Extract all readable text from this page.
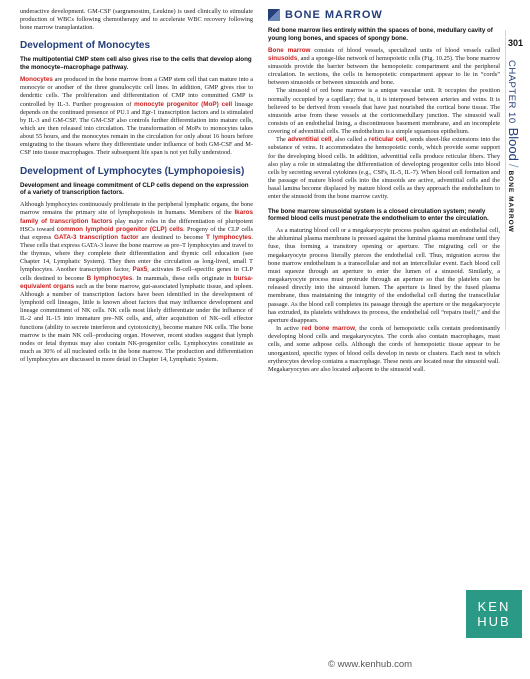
301
CHAPTER 10
Blood
/
BONE MARROW

underactive development. GM-CSF (sargramostim, Leukine) is used clinically to stimulate production of WBCs following chemotherapy and to accelerate WBC recovery following bone marrow transplantation.

Development of Monocytes

The multipotential CMP stem cell also gives rise to the cells that develop along the monocyte–macrophage pathway.

Monocytes are produced in the bone marrow from a GMP stem cell that can mature into a monocyte or another of the three granulocytic cell lines. In addition, GMP gives rise to dendritic cells. The proliferation and differentiation of CMP into committed GMP is controlled by IL-3. Further progression of monocyte progenitor (MoP) cell lineage depends on the continued presence of PU.1 and Egr-1 transcription factors and is stimulated by IL-3 and GM-CSF. The GM-CSF also controls further differentiation into mature cells, which are then released into circulation. The transformation of MoPs to monocytes takes about 55 hours, and the monocytes remain in the circulation for only about 16 hours before emigrating to the tissues where they differentiate under influence of both GM-CSF and M-CSF into tissue macrophages. Their subsequent life span is not yet fully understood.

Development of Lymphocytes (Lymphopoiesis)

Development and lineage commitment of CLP cells depend on the expression of a variety of transcription factors.

Although lymphocytes continuously proliferate in the peripheral lymphatic organs, the bone marrow remains the primary site of lymphopoiesis in humans. Members of the Ikaros family of transcription factors play major roles in the differentiation of pluripotent HSCs toward common lymphoid progenitor (CLP) cells. Progeny of the CLP cells that express GATA-3 transcription factor are destined to become T lymphocytes. These cells that express GATA-3 leave the bone marrow as pre–T lymphocytes and travel to the thymus, where they complete their differentiation and thymic cell education (see Chapter 14, Lymphatic System). They then enter the circulation as long-lived, small T lymphocytes. Another transcription factor, Pax5, activates B-cell–specific genes in CLP cells destined to become B lymphocytes. In mammals, these cells originate in bursa-equivalent organs such as the bone marrow, gut-associated lymphatic tissue, and spleen. Although a number of transcription factors have been identified in the development of lymphoid cell lineages, little is known about factors that may influence development and lineage commitment of NK cells. NK cells most likely differentiate under the influence of IL-2 and IL-15 into immature pre–NK cells, and, after acquisition of NK–cell effector functions (ability to secrete interferon and cytotoxicity), become mature NK cells. The bone marrow is the main NK cell–producing organ. However, recent studies suggest that lymph nodes or fetal thymus may also contain NK-progenitor cells. Lymphocytes constitute as much as 30% of all nucleated cells in the bone marrow. The production and differentiation of lymphocytes are discussed in more detail in Chapter 14, Lymphatic System.

BONE MARROW

Red bone marrow lies entirely within the spaces of bone, medullary cavity of young long bones, and spaces of spongy bone.

Bone marrow consists of blood vessels, specialized units of blood vessels called sinusoids, and a sponge-like network of hemopoietic cells (Fig. 10.25). The bone marrow sinusoids provide the barrier between the hemopoietic compartment and the peripheral circulation. In sections, the cells in hemopoietic compartment appear to lie in “cords” between sinusoids or between sinusoids and bone.

The sinusoid of red bone marrow is a unique vascular unit. It occupies the position normally occupied by a capillary; that is, it is interposed between arteries and veins. It is believed to be derived from vessels that have just nourished the cortical bone tissue. The sinusoids arise from these vessels at the corticomedullary junction. The sinusoid wall consists of an endothelial lining, a discontinuous basement membrane, and an incomplete covering of adventitial cells. The endothelium is a simple squamous epithelium.

The adventitial cell, also called a reticular cell, sends sheet-like extensions into the substance of veins. It accommodates the hemopoietic cords, which provide some support for the developing blood cells. In addition, adventitial cells produce reticular fibers. They also play a role in stimulating the differentiation of developing progenitor cells into blood cells by secreting several cytokines (e.g., CSFs, IL-5, IL-7). When blood cell formation and the passage of mature blood cells into the sinusoids are active, adventitial cells and the basal lamina become displaced by mature blood cells as they approach the endothelium to enter the sinusoid from the bone marrow cavity.

The bone marrow sinusoidal system is a closed circulation system; newly formed blood cells must penetrate the endothelium to enter the circulation.

As a maturing blood cell or a megakaryocyte process pushes against an endothelial cell, the abluminal plasma membrane is pressed against the luminal plasma membrane until they fuse, thus forming a transitory opening or aperture. The migrating cell or the megakaryocyte process literally pierces the endothelial cell. Thus, migration across the bone marrow endothelium is a transcellular and not an intercellular event. Each blood cell must squeeze through an aperture to enter the lumen of a sinusoid. Similarly, a megakaryocyte process must protrude through an aperture so that the platelets can be released directly into the sinusoid lumen. The aperture is lined by the fused plasma membrane, thus maintaining the integrity of the endothelial cell during the transcellular passage. As the blood cell completes its passage through the aperture or the megakaryocyte has extruded, its platelets withdraws its process, the endothelial cell “repairs itself,” and the aperture disappears.

In active red bone marrow, the cords of hemopoietic cells contain predominantly developing blood cells and megakaryocytes. The cords also contain macrophages, mast cells, and some adipose cells. Although the cords of hemopoietic tissue appear to be unorganized, specific types of blood cells develop in nests or clusters. Each nest in which erythrocytes develop contains a macrophage. These nests are located near the sinusoid wall. Megakaryocytes are also located adjacent to the sinusoid wall.

KEN
HUB
© www.kenhub.com
